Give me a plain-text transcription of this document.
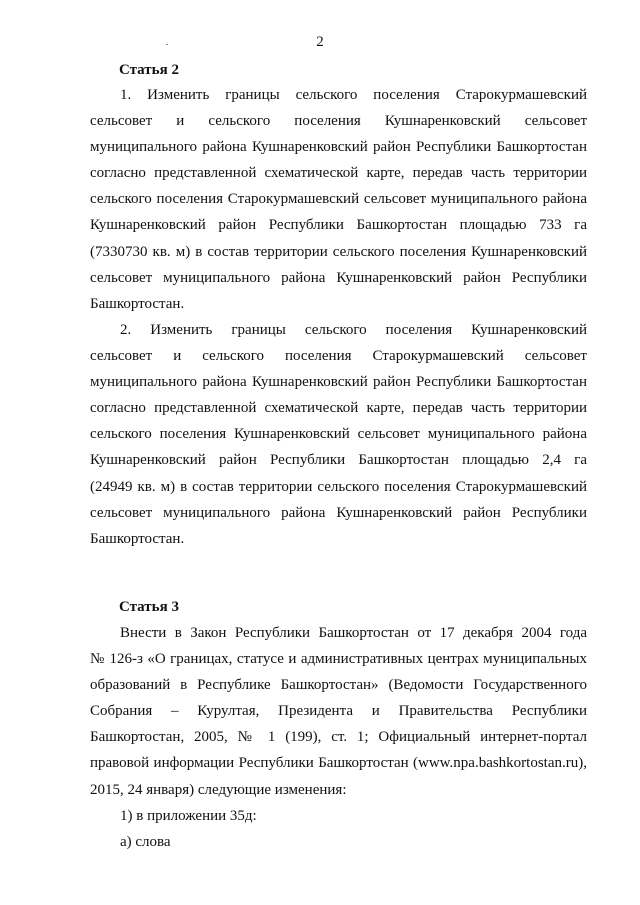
2
Статья 2
1. Изменить границы сельского поселения Старокурмашевский
сельсовет и сельского поселения Кушнаренковский сельсовет
муниципального района Кушнаренковский район Республики Башкортостан
согласно представленной схематической карте, передав часть территории
сельского поселения Старокурмашевский сельсовет муниципального района
Кушнаренковский район Республики Башкортостан площадью 733 га
(7330730 кв. м) в состав территории сельского поселения Кушнаренковский
сельсовет муниципального района Кушнаренковский район Республики
Башкортостан.
2. Изменить границы сельского поселения Кушнаренковский
сельсовет и сельского поселения Старокурмашевский сельсовет
муниципального района Кушнаренковский район Республики Башкортостан
согласно представленной схематической карте, передав часть территории
сельского поселения Кушнаренковский сельсовет муниципального района
Кушнаренковский район Республики Башкортостан площадью 2,4 га
(24949 кв. м) в состав территории сельского поселения Старокурмашевский
сельсовет муниципального района Кушнаренковский район Республики
Башкортостан.
Статья 3
Внести в Закон Республики Башкортостан от 17 декабря 2004 года
№ 126-з «О границах, статусе и административных центрах муниципальных
образований в Республике Башкортостан» (Ведомости Государственного
Собрания – Курултая, Президента и Правительства Республики
Башкортостан, 2005, № 1 (199), ст. 1; Официальный интернет-портал
правовой информации Республики Башкортостан (www.npa.bashkortostan.ru),
2015, 24 января) следующие изменения:
1) в приложении 35д:
а) слова
